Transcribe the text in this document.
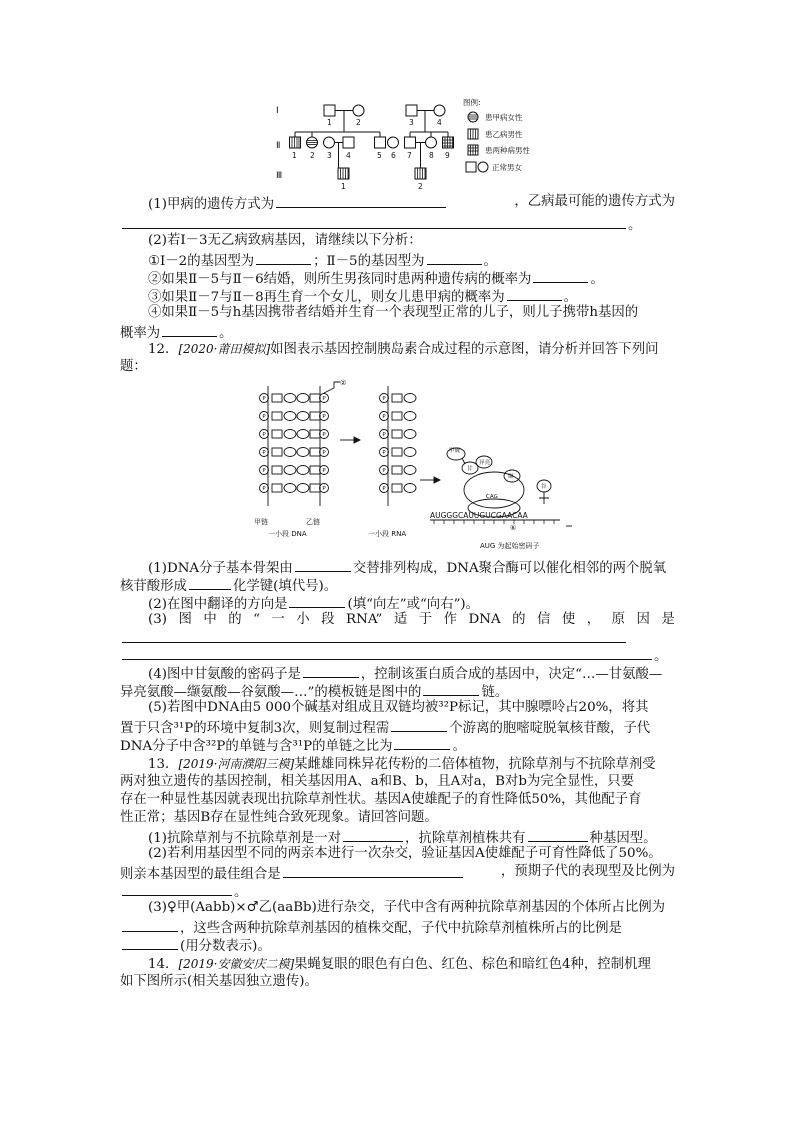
Ⅰ
Ⅱ
Ⅲ
1	2	3	4
1 2 3 4	5 6 7 8 9
1	2
图例:
患甲病女性
患乙病男性
患两种病男性
正常男女
(1)甲病的遗传方式为	，乙病最可能的遗传方式为
。
(2)若Ⅰ－3无乙病致病基因，请继续以下分析：
①Ⅰ－2的基因型为	；Ⅱ－5的基因型为	。
②如果Ⅱ－5与Ⅱ－6结婚，则所生男孩同时患两种遗传病的概率为	。
③如果Ⅱ－7与Ⅱ－8再生育一个女儿，则女儿患甲病的概率为	。
④如果Ⅱ－5与h基因携带者结婚并生育一个表现型正常的儿子，则儿子携带h基因的
概率为	。
12．[2020·莆田模拟]如图表示基因控制胰岛素合成过程的示意图，请分析并回答下列问
题：
P
P
P
P
P
P
P
P
P
P
P
P
P
P
P
P
P
P
②
甲链	乙链
一小段 DNA	一小段 RNA
AUGGGCAUUGUCGAACAA
AUG 为起始密码子
甲硫
甘
异亮
缬
谷
CAG
⑥
(1)DNA分子基本骨架由	交替排列构成，DNA聚合酶可以催化相邻的两个脱氧
核苷酸形成	化学键(填代号)。
(2)在图中翻译的方向是	(填“向左”或“向右”)。
(3) 图 中 的 “ 一 小 段 RNA” 适 于 作 DNA 的 信 使 ， 原 因 是
。
(4)图中甘氨酸的密码子是	，控制该蛋白质合成的基因中，决定“…—甘氨酸—
异亮氨酸—缬氨酸—谷氨酸—…”的模板链是图中的	链。
(5)若图中DNA由5 000个碱基对组成且双链均被³²P标记，其中腺嘌呤占20%，将其
置于只含³¹P的环境中复制3次，则复制过程需	个游离的胞嘧啶脱氧核苷酸，子代
DNA分子中含³²P的单链与含³¹P的单链之比为	。
13．[2019·河南濮阳三模]某雌雄同株异花传粉的二倍体植物，抗除草剂与不抗除草剂受
两对独立遗传的基因控制，相关基因用A、a和B、b，且A对a，B对b为完全显性，只要
存在一种显性基因就表现出抗除草剂性状。基因A使雄配子的育性降低50%，其他配子育
性正常；基因B存在显性纯合致死现象。请回答问题。
(1)抗除草剂与不抗除草剂是一对	，抗除草剂植株共有	种基因型。
(2)若利用基因型不同的两亲本进行一次杂交，验证基因A使雄配子可育性降低了50%。
则亲本基因型的最佳组合是	，预期子代的表现型及比例为
。
(3)♀甲(Aabb)×♂乙(aaBb)进行杂交，子代中含有两种抗除草剂基因的个体所占比例为
，这些含两种抗除草剂基因的植株交配，子代中抗除草剂植株所占的比例是
(用分数表示)。
14．[2019·安徽安庆二模]果蝇复眼的眼色有白色、红色、棕色和暗红色4种，控制机理
如下图所示(相关基因独立遗传)。
